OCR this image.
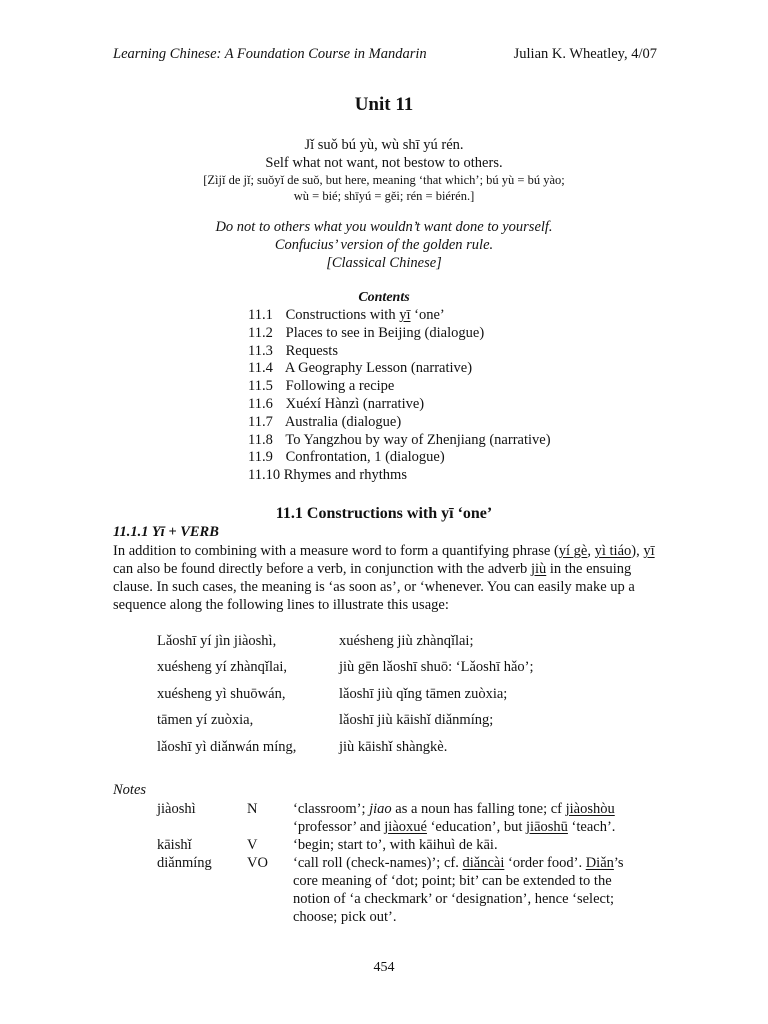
Learning Chinese: A Foundation Course in Mandarin	Julian K. Wheatley, 4/07
Unit 11
Jǐ suǒ bú yù, wù shī yú rén.
Self what not want, not bestow to others.
[Zìjǐ de jǐ; suǒyǐ de suǒ, but here, meaning ‘that which’; bú yù = bú yào;
wù = bié; shīyú = gěi; rén = biérén.]
Do not to others what you wouldn’t want done to yourself.
Confucius’ version of the golden rule.
[Classical Chinese]
Contents
11.1 Constructions with yī ‘one’
11.2 Places to see in Beijing (dialogue)
11.3 Requests
11.4 A Geography Lesson (narrative)
11.5 Following a recipe
11.6 Xuéxí Hànzì (narrative)
11.7 Australia (dialogue)
11.8 To Yangzhou by way of Zhenjiang (narrative)
11.9 Confrontation, 1 (dialogue)
11.10 Rhymes and rhythms
11.1 Constructions with yī ‘one’
11.1.1 Yī + VERB
In addition to combining with a measure word to form a quantifying phrase (yí gè, yì tiáo), yī can also be found directly before a verb, in conjunction with the adverb jiù in the ensuing clause. In such cases, the meaning is ‘as soon as’, or ‘whenever. You can easily make up a sequence along the following lines to illustrate this usage:
Lǎoshī yí jìn jiàoshì,	xuésheng jiù zhànqǐlai;
xuésheng yí zhànqǐlai,	jiù gēn lǎoshī shuō: ‘Lǎoshī hǎo’;
xuésheng yì shuōwán,	lǎoshī jiù qǐng tāmen zuòxia;
tāmen yí zuòxia,	lǎoshī jiù kāishǐ diǎnmíng;
lǎoshī yì diǎnwán míng,	jiù kāishǐ shàngkè.
Notes
jiàoshì	N	‘classroom’; jiao as a noun has falling tone; cf jiàoshòu ‘professor’ and jiàoxué ‘education’, but jiāoshū ‘teach’.
kāishǐ	V	‘begin; start to’, with kāihuì de kāi.
diǎnmíng	VO	‘call roll (check-names)’; cf. diǎncài ‘order food’. Diǎn’s core meaning of ‘dot; point; bit’ can be extended to the notion of ‘a checkmark’ or ‘designation’, hence ‘select; choose; pick out’.
454
